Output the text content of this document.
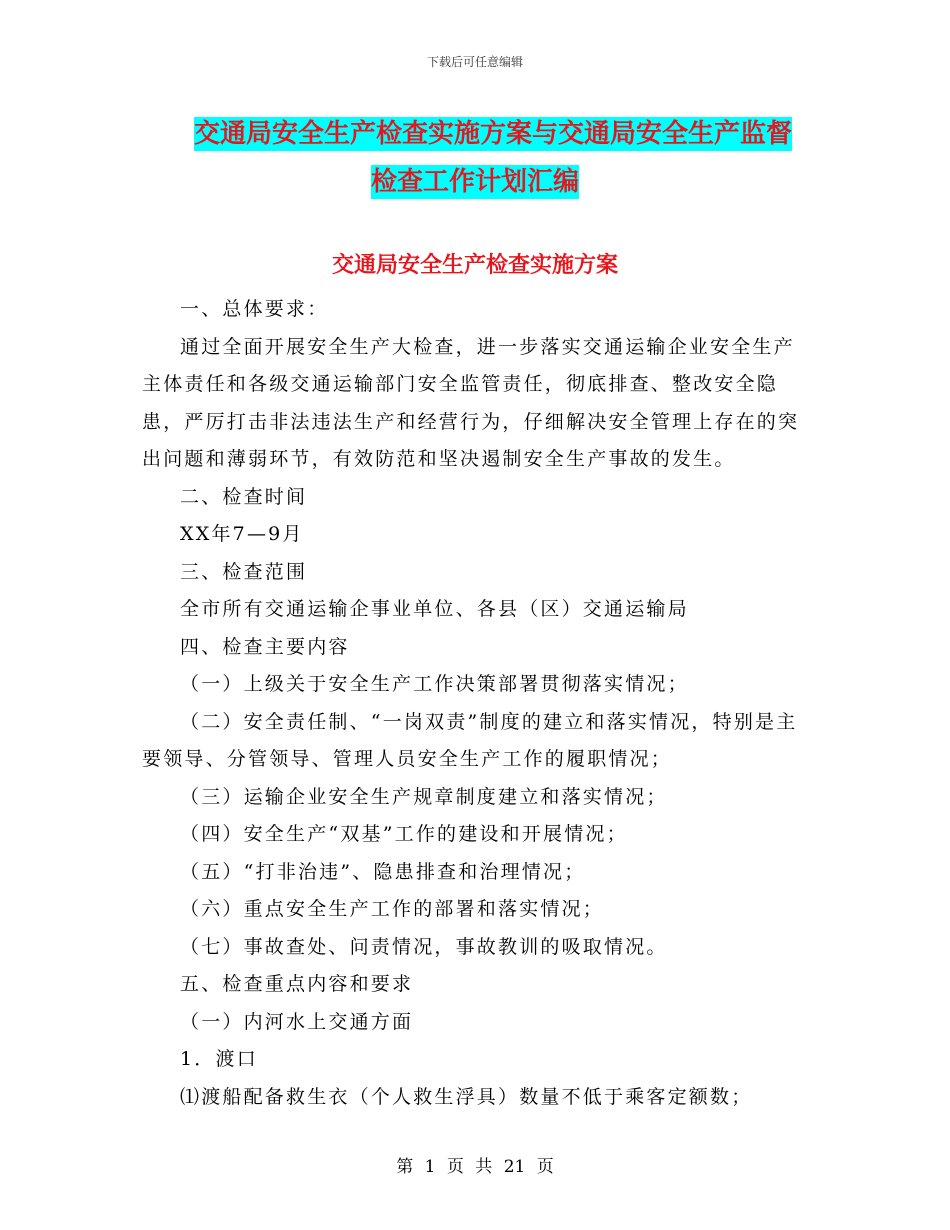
下载后可任意编辑
交通局安全生产检查实施方案与交通局安全生产监督
检查工作计划汇编
交通局安全生产检查实施方案

一、总体要求：

通过全面开展安全生产大检查，进一步落实交通运输企业安全生产主体责任和各级交通运输部门安全监管责任，彻底排查、整改安全隐患，严厉打击非法违法生产和经营行为，仔细解决安全管理上存在的突出问题和薄弱环节，有效防范和坚决遏制安全生产事故的发生。

二、检查时间

XX年7—9月

三、检查范围

全市所有交通运输企事业单位、各县（区）交通运输局

四、检查主要内容

（一）上级关于安全生产工作决策部署贯彻落实情况；

（二）安全责任制、“一岗双责”制度的建立和落实情况，特别是主要领导、分管领导、管理人员安全生产工作的履职情况；

（三）运输企业安全生产规章制度建立和落实情况；

（四）安全生产“双基”工作的建设和开展情况；

（五）“打非治违”、隐患排查和治理情况；

（六）重点安全生产工作的部署和落实情况；

（七）事故查处、问责情况，事故教训的吸取情况。

五、检查重点内容和要求

（一）内河水上交通方面

1．渡口

⑴渡船配备救生衣（个人救生浮具）数量不低于乘客定额数；

第 1 页 共 21 页
